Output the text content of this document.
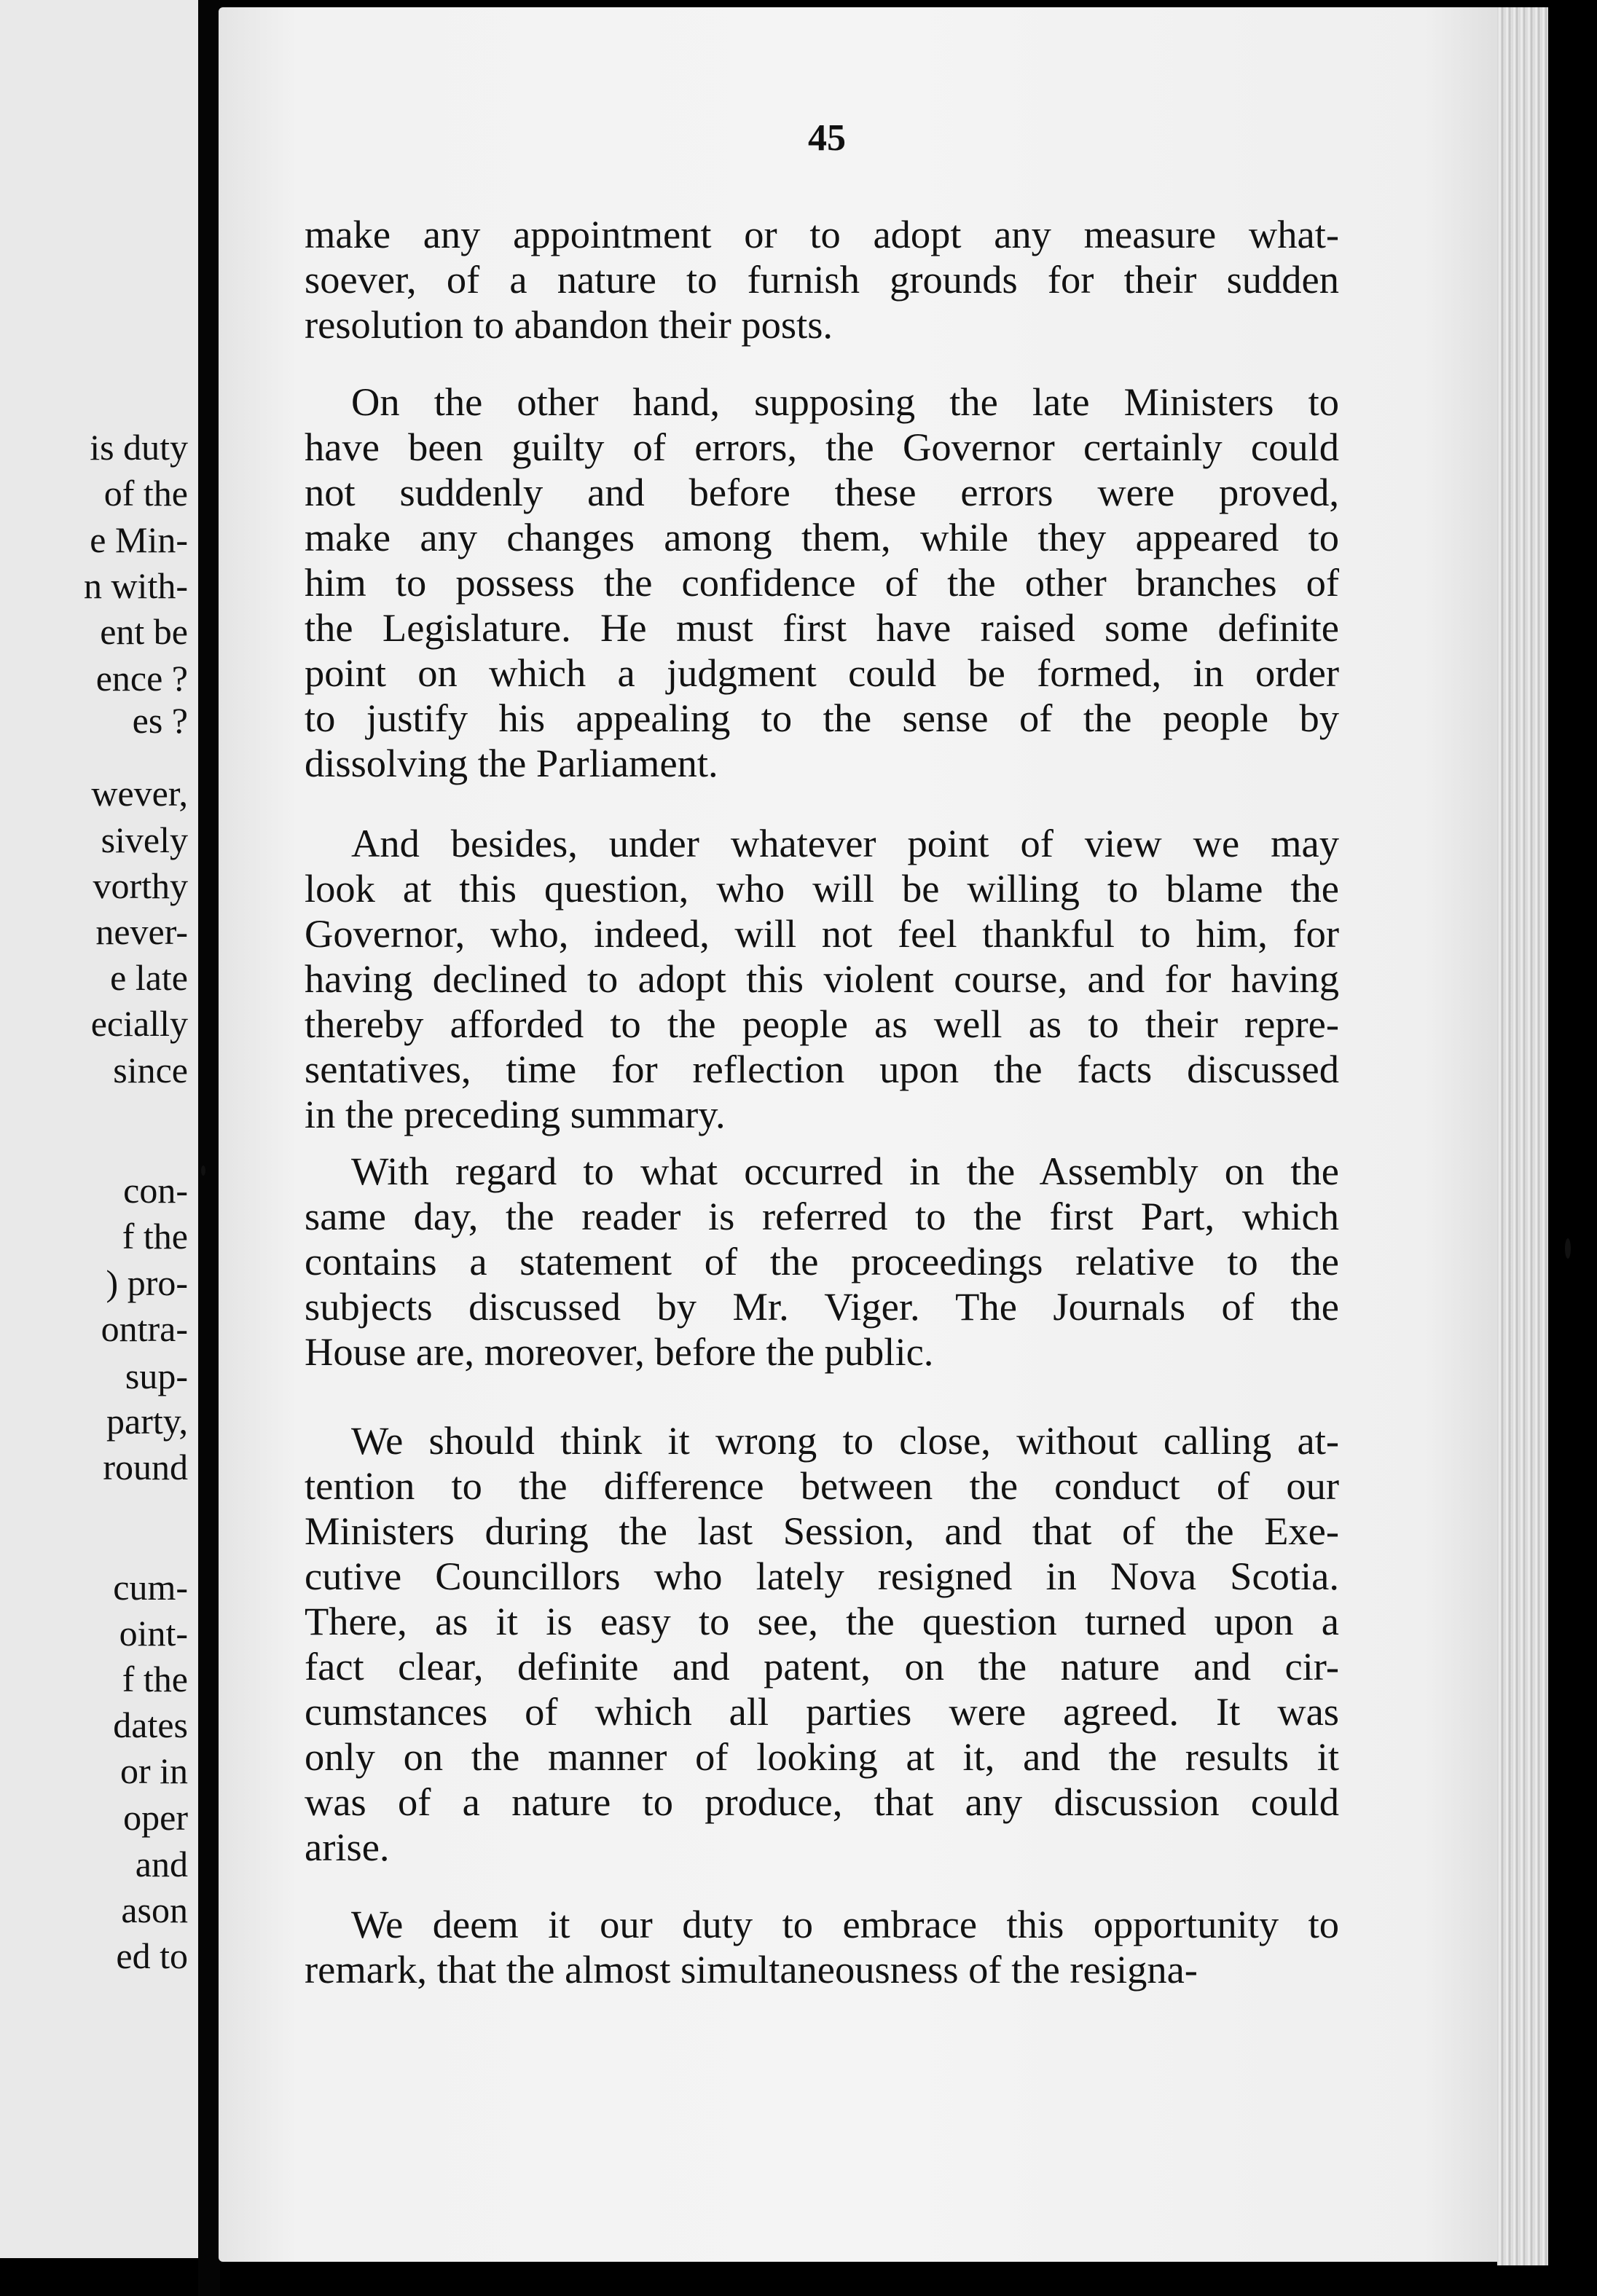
is duty
of the
e Min-
n with-
ent be
ence ?
es ?
wever,
sively
vorthy
never-
e late
ecially
since
con-
f the
) pro-
ontra-
sup-
party,
round
cum-
oint-
f the
dates
or in
oper
and
ason
ed to
45
make any appointment or to adopt any measure what-
soever, of a nature to furnish grounds for their sudden
resolution to abandon their posts.
On the other hand, supposing the late Ministers to
have been guilty of errors, the Governor certainly could
not suddenly and before these errors were proved,
make any changes among them, while they appeared to
him to possess the confidence of the other branches of
the Legislature. He must first have raised some definite
point on which a judgment could be formed, in order
to justify his appealing to the sense of the people by
dissolving the Parliament.
And besides, under whatever point of view we may
look at this question, who will be willing to blame the
Governor, who, indeed, will not feel thankful to him, for
having declined to adopt this violent course, and for having
thereby afforded to the people as well as to their repre-
sentatives, time for reflection upon the facts discussed
in the preceding summary.
With regard to what occurred in the Assembly on the
same day, the reader is referred to the first Part, which
contains a statement of the proceedings relative to the
subjects discussed by Mr. Viger. The Journals of the
House are, moreover, before the public.
We should think it wrong to close, without calling at-
tention to the difference between the conduct of our
Ministers during the last Session, and that of the Exe-
cutive Councillors who lately resigned in Nova Scotia.
There, as it is easy to see, the question turned upon a
fact clear, definite and patent, on the nature and cir-
cumstances of which all parties were agreed. It was
only on the manner of looking at it, and the results it
was of a nature to produce, that any discussion could
arise.
We deem it our duty to embrace this opportunity to
remark, that the almost simultaneousness of the resigna-
